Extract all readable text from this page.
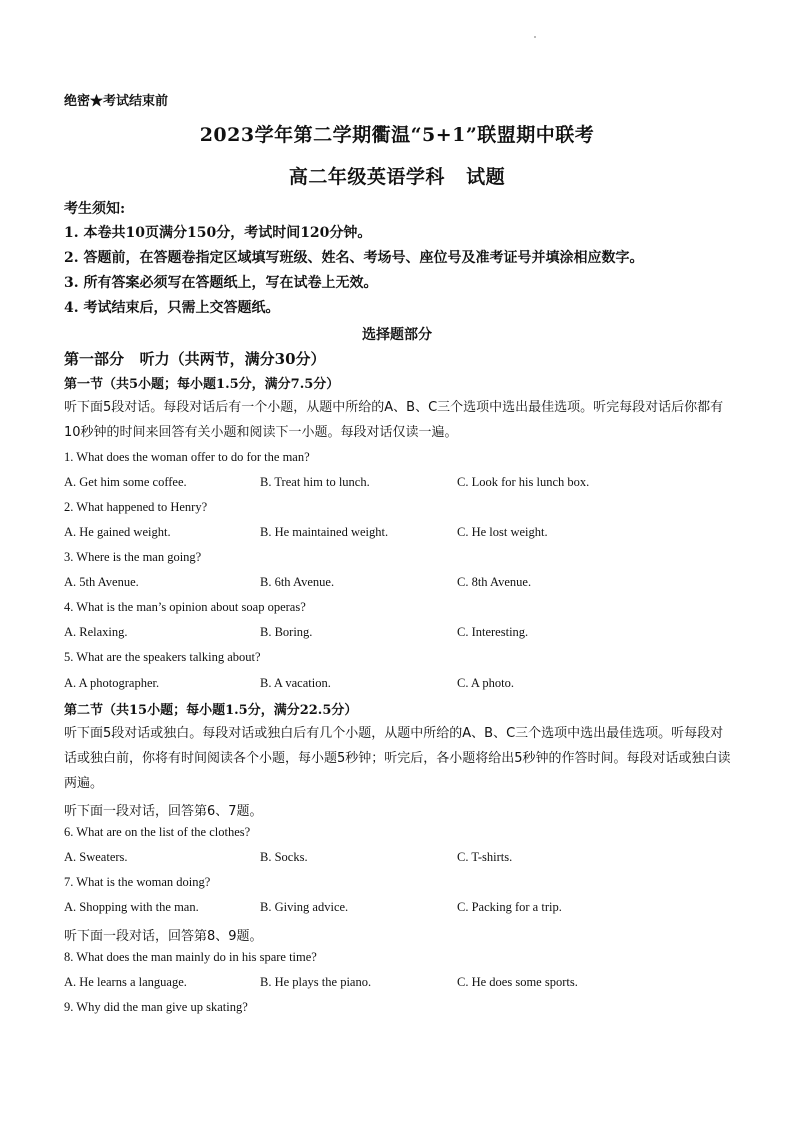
绝密★考试结束前
2023学年第二学期衢温“5+1”联盟期中联考
高二年级英语学科   试题
考生须知:
1. 本卷共10页满分150分，考试时间120分钟。
2. 答题前，在答题卷指定区域填写班级、姓名、考场号、座位号及准考证号并填涂相应数字。
3. 所有答案必须写在答题纸上，写在试卷上无效。
4. 考试结束后，只需上交答题纸。
选择题部分
第一部分   听力（共两节，满分30分）
第一节（共5小题；每小题1.5分，满分7.5分）
听下面5段对话。每段对话后有一个小题，从题中所给的A、B、C三个选项中选出最佳选项。听完每段对话后你都有10秒钟的时间来回答有关小题和阅读下一小题。每段对话仅读一遍。
1. What does the woman offer to do for the man?
A. Get him some coffee.	B. Treat him to lunch.	C. Look for his lunch box.
2. What happened to Henry?
A. He gained weight.	B. He maintained weight.	C. He lost weight.
3. Where is the man going?
A. 5th Avenue.	B. 6th Avenue.	C. 8th Avenue.
4. What is the man’s opinion about soap operas?
A. Relaxing.	B. Boring.	C. Interesting.
5. What are the speakers talking about?
A. A photographer.	B. A vacation.	C. A photo.
第二节（共15小题；每小题1.5分，满分22.5分）
听下面5段对话或独白。每段对话或独白后有几个小题，从题中所给的A、B、C三个选项中选出最佳选项。听每段对话或独白前，你将有时间阅读各个小题，每小题5秒钟；听完后，各小题将给出5秒钟的作答时间。每段对话或独白读两遍。
听下面一段对话，回答第6、7题。
6. What are on the list of the clothes?
A. Sweaters.	B. Socks.	C. T-shirts.
7. What is the woman doing?
A. Shopping with the man.	B. Giving advice.	C. Packing for a trip.
听下面一段对话，回答第8、9题。
8. What does the man mainly do in his spare time?
A. He learns a language.	B. He plays the piano.	C. He does some sports.
9. Why did the man give up skating?
